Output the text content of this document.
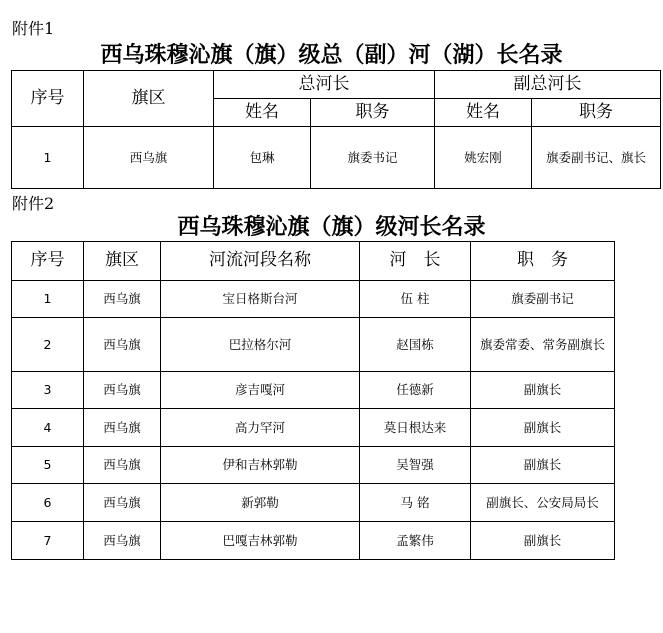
附件1
西乌珠穆沁旗（旗）级总（副）河（湖）长名录
序号	旗区	总河长		副总河长	
		姓名	职务	姓名	职务
1	西乌旗	包琳	旗委书记	姚宏刚	旗委副书记、旗长
附件2
西乌珠穆沁旗（旗）级河长名录
序号	旗区	河流河段名称	河　长	职　务
1	西乌旗	宝日格斯台河	伍 柱	旗委副书记
2	西乌旗	巴拉格尔河	赵国栋	旗委常委、常务副旗长
3	西乌旗	彦吉嘎河	任德新	副旗长
4	西乌旗	高力罕河	莫日根达来	副旗长
5	西乌旗	伊和吉林郭勒	吴智强	副旗长
6	西乌旗	新郭勒	马 铭	副旗长、公安局局长
7	西乌旗	巴嘎吉林郭勒	孟繁伟	副旗长
